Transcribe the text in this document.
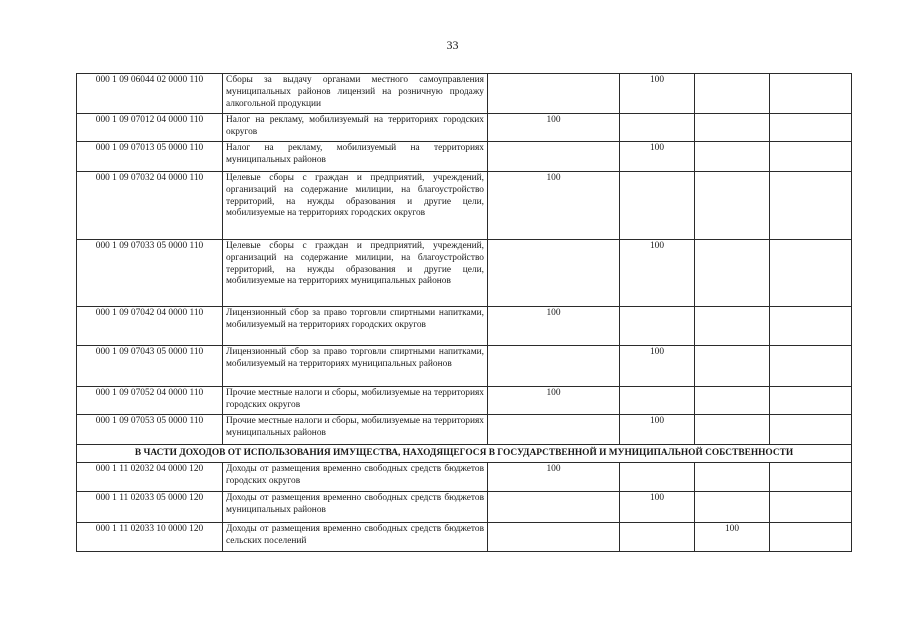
33
000 1 09 06044 02 0000 110	Сборы за выдачу органами местного самоуправления муниципальных районов лицензий на розничную продажу алкогольной продукции		100		
000 1 09 07012 04 0000 110	Налог на рекламу, мобилизуемый на территориях городских округов	100			
000 1 09 07013 05 0000 110	Налог на рекламу, мобилизуемый на территориях муниципальных районов		100		
000 1 09 07032 04 0000 110	Целевые сборы с граждан и предприятий, учреждений, организаций на содержание милиции, на благоустройство территорий, на нужды образования и другие цели, мобилизуемые на территориях городских округов	100			
000 1 09 07033 05 0000 110	Целевые сборы с граждан и предприятий, учреждений, организаций на содержание милиции, на благоустройство территорий, на нужды образования и другие цели, мобилизуемые на территориях муниципальных районов		100		
000 1 09 07042 04 0000 110	Лицензионный сбор за право торговли спиртными напитками, мобилизуемый на территориях городских округов	100			
000 1 09 07043 05 0000 110	Лицензионный сбор за право торговли спиртными напитками, мобилизуемый на территориях муниципальных районов		100		
000 1 09 07052 04 0000 110	Прочие местные налоги и сборы, мобилизуемые на территориях городских округов	100			
000 1 09 07053 05 0000 110	Прочие местные налоги и сборы, мобилизуемые на территориях муниципальных районов		100		
В ЧАСТИ ДОХОДОВ ОТ ИСПОЛЬЗОВАНИЯ ИМУЩЕСТВА, НАХОДЯЩЕГОСЯ В ГОСУДАРСТВЕННОЙ И МУНИЦИПАЛЬНОЙ СОБСТВЕННОСТИ					
000 1 11 02032 04 0000 120	Доходы от размещения временно свободных средств бюджетов городских округов	100			
000 1 11 02033 05 0000 120	Доходы от размещения временно свободных средств бюджетов муниципальных районов		100		
000 1 11 02033 10 0000 120	Доходы от размещения временно свободных средств бюджетов сельских поселений			100	
